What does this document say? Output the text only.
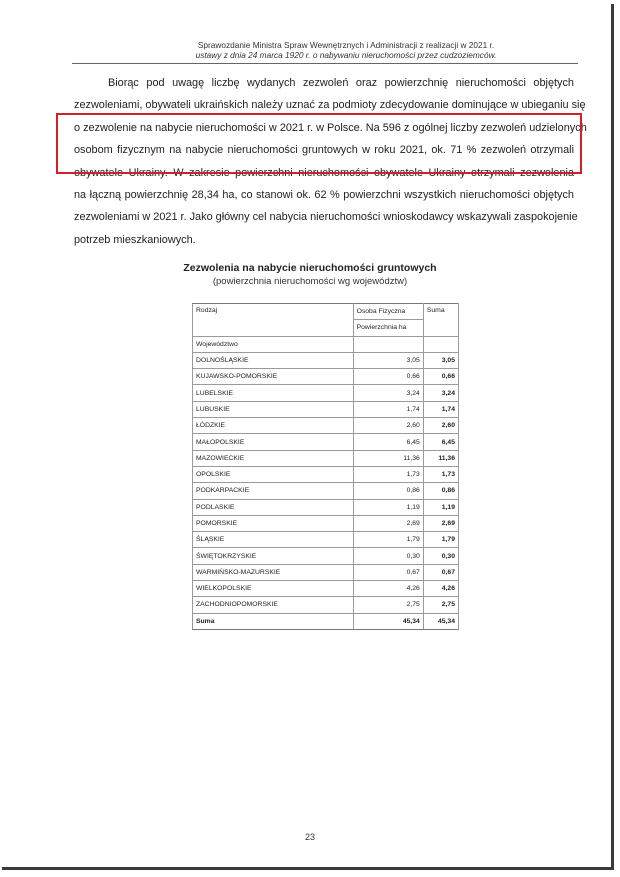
Sprawozdanie Ministra Spraw Wewnętrznych i Administracji z realizacji w 2021 r.
ustawy z dnia 24 marca 1920 r. o nabywaniu nieruchomości przez cudzoziemców.
Biorąc pod uwagę liczbę wydanych zezwoleń oraz powierzchnię nieruchomości objętych
zezwoleniami, obywateli ukraińskich należy uznać za podmioty zdecydowanie dominujące w ubieganiu się
o zezwolenie na nabycie nieruchomości w 2021 r. w Polsce. Na 596 z ogólnej liczby zezwoleń udzielonych
osobom fizycznym na nabycie nieruchomości gruntowych w roku 2021, ok. 71 % zezwoleń otrzymali
obywatele Ukrainy. W zakresie powierzchni nieruchomości obywatele Ukrainy otrzymali zezwolenia
na łączną powierzchnię 28,34 ha, co stanowi ok. 62 % powierzchni wszystkich nieruchomości objętych
zezwoleniami w 2021 r. Jako główny cel nabycia nieruchomości wnioskodawcy wskazywali zaspokojenie
potrzeb mieszkaniowych.
Zezwolenia na nabycie nieruchomości gruntowych
(powierzchnia nieruchomości wg województw)
Rodzaj	Osoba Fizyczna	Suma
	Powierzchnia ha	
Województwo		
DOLNOŚLĄSKIE	3,05	3,05
KUJAWSKO-POMORSKIE	0,66	0,66
LUBELSKIE	3,24	3,24
LUBUSKIE	1,74	1,74
ŁÓDZKIE	2,60	2,60
MAŁOPOLSKIE	6,45	6,45
MAZOWIECKIE	11,36	11,36
OPOLSKIE	1,73	1,73
PODKARPACKIE	0,86	0,86
PODLASKIE	1,19	1,19
POMORSKIE	2,69	2,69
ŚLĄSKIE	1,79	1,79
ŚWIĘTOKRZYSKIE	0,30	0,30
WARMIŃSKO-MAZURSKIE	0,67	0,67
WIELKOPOLSKIE	4,26	4,26
ZACHODNIOPOMORSKIE	2,75	2,75
Suma	45,34	45,34
23
